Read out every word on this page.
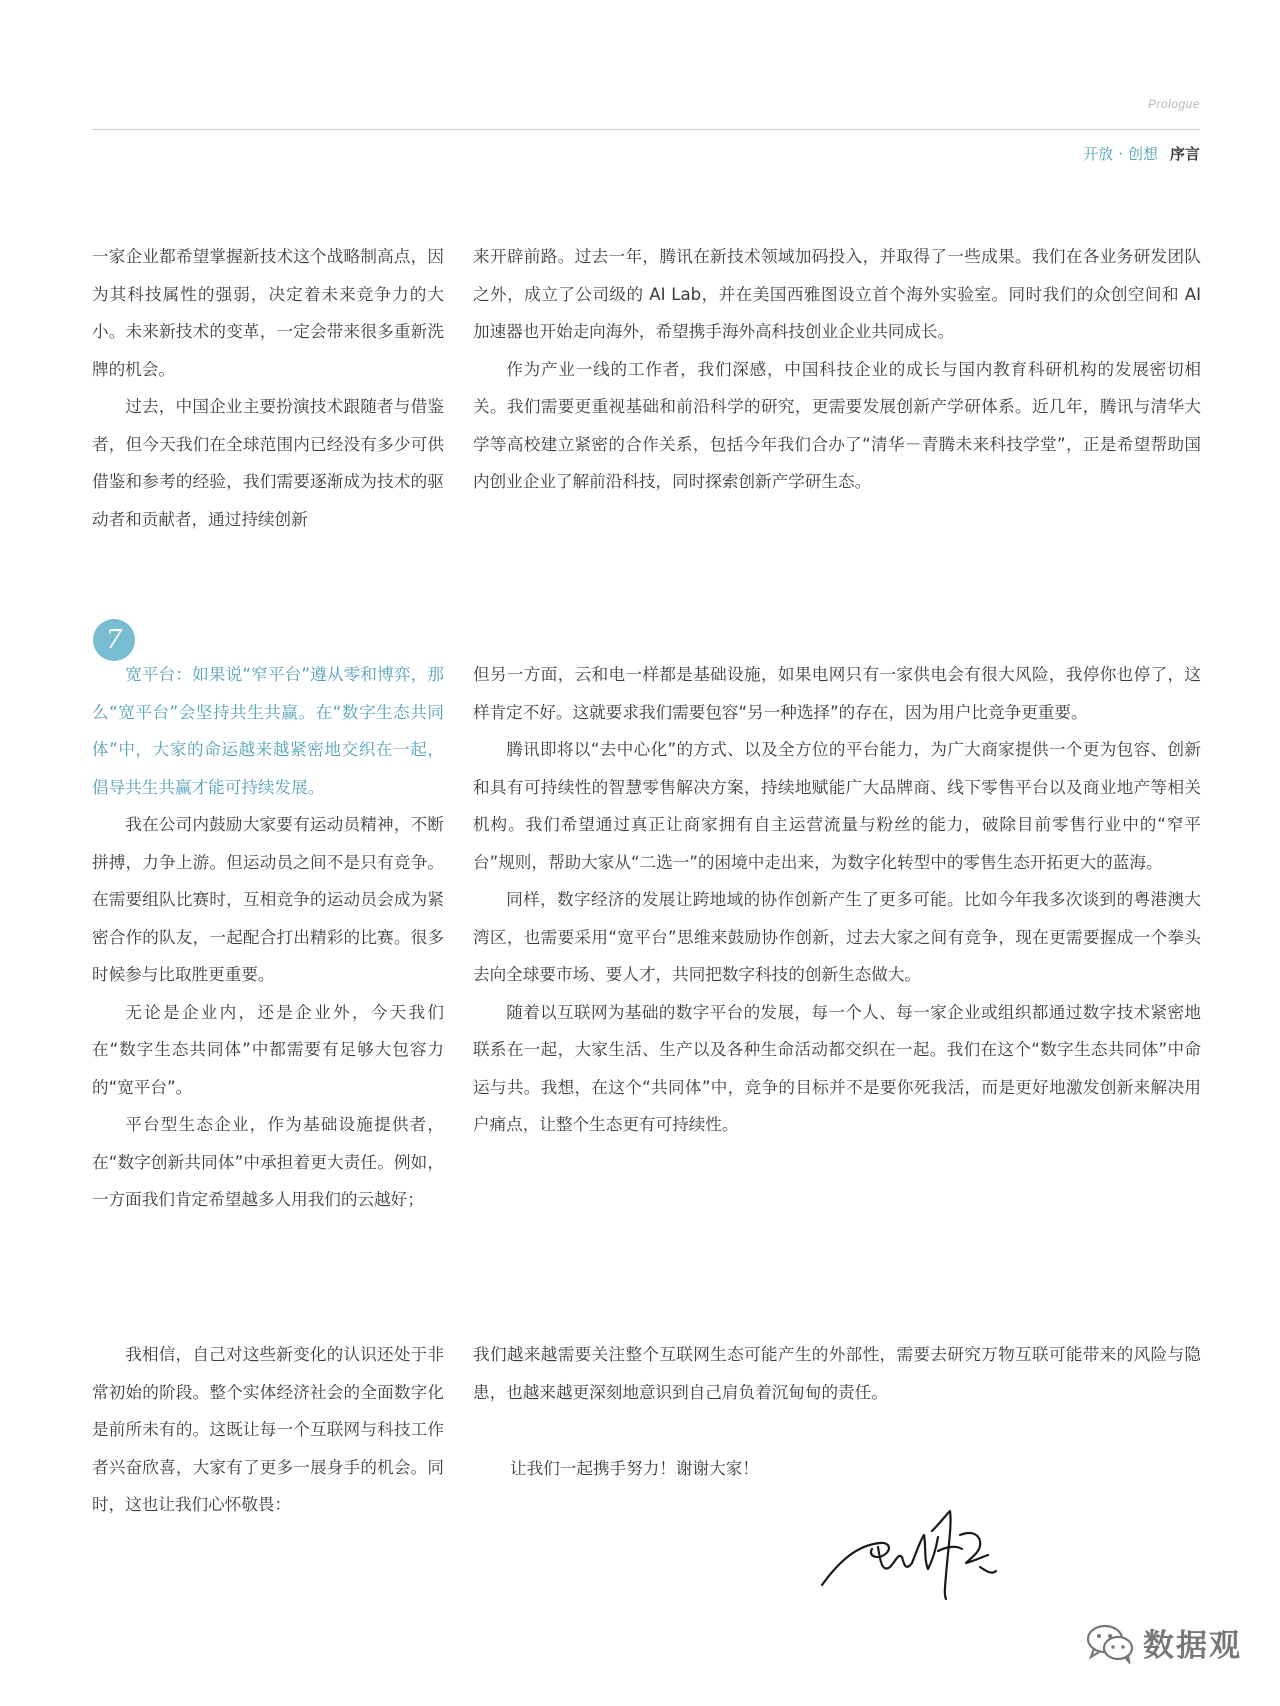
Prologue
开放 · 创想 序言

一家企业都希望掌握新技术这个战略制高点，因为其科技属性的强弱，决定着未来竞争力的大小。未来新技术的变革，一定会带来很多重新洗牌的机会。

过去，中国企业主要扮演技术跟随者与借鉴者，但今天我们在全球范围内已经没有多少可供借鉴和参考的经验，我们需要逐渐成为技术的驱动者和贡献者，通过持续创新

来开辟前路。过去一年，腾讯在新技术领域加码投入，并取得了一些成果。我们在各业务研发团队之外，成立了公司级的 AI Lab，并在美国西雅图设立首个海外实验室。同时我们的众创空间和 AI 加速器也开始走向海外，希望携手海外高科技创业企业共同成长。

作为产业一线的工作者，我们深感，中国科技企业的成长与国内教育科研机构的发展密切相关。我们需要更重视基础和前沿科学的研究，更需要发展创新产学研体系。近几年，腾讯与清华大学等高校建立紧密的合作关系，包括今年我们合办了“清华－青腾未来科技学堂”，正是希望帮助国内创业企业了解前沿科技，同时探索创新产学研生态。

7

宽平台：如果说“窄平台”遵从零和博弈，那么“宽平台”会坚持共生共赢。在“数字生态共同体”中，大家的命运越来越紧密地交织在一起，倡导共生共赢才能可持续发展。

我在公司内鼓励大家要有运动员精神，不断拼搏，力争上游。但运动员之间不是只有竞争。在需要组队比赛时，互相竞争的运动员会成为紧密合作的队友，一起配合打出精彩的比赛。很多时候参与比取胜更重要。

无论是企业内，还是企业外，今天我们在“数字生态共同体”中都需要有足够大包容力的“宽平台”。

平台型生态企业，作为基础设施提供者，在“数字创新共同体”中承担着更大责任。例如，一方面我们肯定希望越多人用我们的云越好；

但另一方面，云和电一样都是基础设施，如果电网只有一家供电会有很大风险，我停你也停了，这样肯定不好。这就要求我们需要包容“另一种选择”的存在，因为用户比竞争更重要。

腾讯即将以“去中心化”的方式、以及全方位的平台能力，为广大商家提供一个更为包容、创新和具有可持续性的智慧零售解决方案，持续地赋能广大品牌商、线下零售平台以及商业地产等相关机构。我们希望通过真正让商家拥有自主运营流量与粉丝的能力，破除目前零售行业中的“窄平台”规则，帮助大家从“二选一”的困境中走出来，为数字化转型中的零售生态开拓更大的蓝海。

同样，数字经济的发展让跨地域的协作创新产生了更多可能。比如今年我多次谈到的粤港澳大湾区，也需要采用“宽平台”思维来鼓励协作创新，过去大家之间有竞争，现在更需要握成一个拳头去向全球要市场、要人才，共同把数字科技的创新生态做大。

随着以互联网为基础的数字平台的发展，每一个人、每一家企业或组织都通过数字技术紧密地联系在一起，大家生活、生产以及各种生命活动都交织在一起。我们在这个“数字生态共同体”中命运与共。我想，在这个“共同体”中，竞争的目标并不是要你死我活，而是更好地激发创新来解决用户痛点，让整个生态更有可持续性。

我相信，自己对这些新变化的认识还处于非常初始的阶段。整个实体经济社会的全面数字化是前所未有的。这既让每一个互联网与科技工作者兴奋欣喜，大家有了更多一展身手的机会。同时，这也让我们心怀敬畏：

我们越来越需要关注整个互联网生态可能产生的外部性，需要去研究万物互联可能带来的风险与隐患，也越来越更深刻地意识到自己肩负着沉甸甸的责任。

让我们一起携手努力！谢谢大家！
数据观
